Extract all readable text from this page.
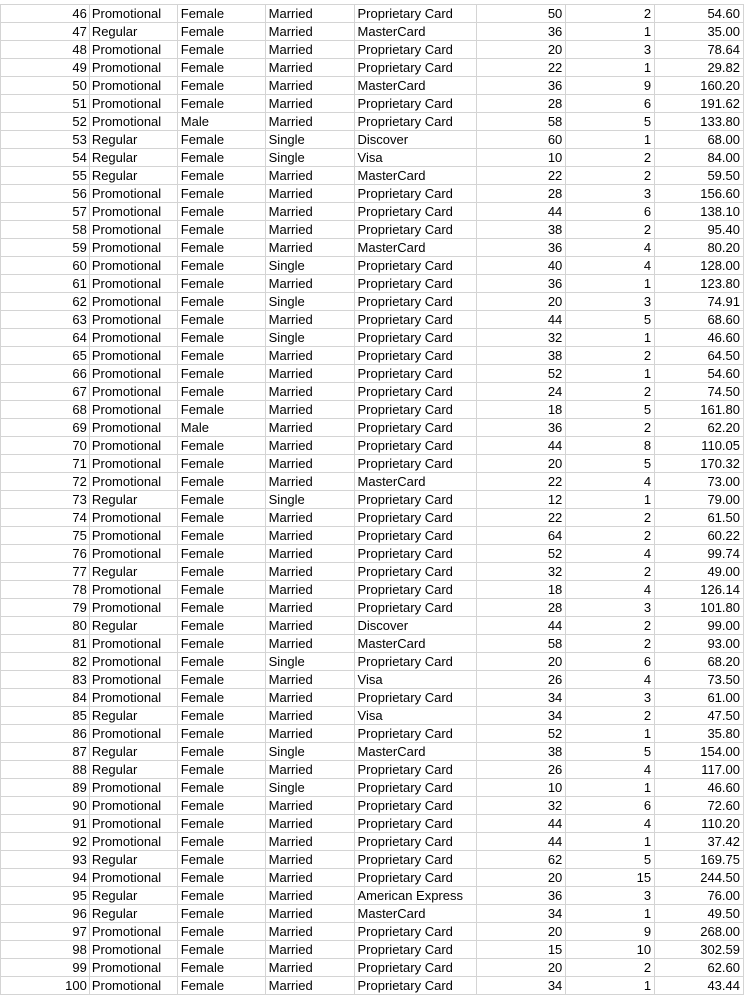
46	Promotional	Female	Married	Proprietary Card	50	2	54.60
47	Regular	Female	Married	MasterCard	36	1	35.00
48	Promotional	Female	Married	Proprietary Card	20	3	78.64
49	Promotional	Female	Married	Proprietary Card	22	1	29.82
50	Promotional	Female	Married	MasterCard	36	9	160.20
51	Promotional	Female	Married	Proprietary Card	28	6	191.62
52	Promotional	Male	Married	Proprietary Card	58	5	133.80
53	Regular	Female	Single	Discover	60	1	68.00
54	Regular	Female	Single	Visa	10	2	84.00
55	Regular	Female	Married	MasterCard	22	2	59.50
56	Promotional	Female	Married	Proprietary Card	28	3	156.60
57	Promotional	Female	Married	Proprietary Card	44	6	138.10
58	Promotional	Female	Married	Proprietary Card	38	2	95.40
59	Promotional	Female	Married	MasterCard	36	4	80.20
60	Promotional	Female	Single	Proprietary Card	40	4	128.00
61	Promotional	Female	Married	Proprietary Card	36	1	123.80
62	Promotional	Female	Single	Proprietary Card	20	3	74.91
63	Promotional	Female	Married	Proprietary Card	44	5	68.60
64	Promotional	Female	Single	Proprietary Card	32	1	46.60
65	Promotional	Female	Married	Proprietary Card	38	2	64.50
66	Promotional	Female	Married	Proprietary Card	52	1	54.60
67	Promotional	Female	Married	Proprietary Card	24	2	74.50
68	Promotional	Female	Married	Proprietary Card	18	5	161.80
69	Promotional	Male	Married	Proprietary Card	36	2	62.20
70	Promotional	Female	Married	Proprietary Card	44	8	110.05
71	Promotional	Female	Married	Proprietary Card	20	5	170.32
72	Promotional	Female	Married	MasterCard	22	4	73.00
73	Regular	Female	Single	Proprietary Card	12	1	79.00
74	Promotional	Female	Married	Proprietary Card	22	2	61.50
75	Promotional	Female	Married	Proprietary Card	64	2	60.22
76	Promotional	Female	Married	Proprietary Card	52	4	99.74
77	Regular	Female	Married	Proprietary Card	32	2	49.00
78	Promotional	Female	Married	Proprietary Card	18	4	126.14
79	Promotional	Female	Married	Proprietary Card	28	3	101.80
80	Regular	Female	Married	Discover	44	2	99.00
81	Promotional	Female	Married	MasterCard	58	2	93.00
82	Promotional	Female	Single	Proprietary Card	20	6	68.20
83	Promotional	Female	Married	Visa	26	4	73.50
84	Promotional	Female	Married	Proprietary Card	34	3	61.00
85	Regular	Female	Married	Visa	34	2	47.50
86	Promotional	Female	Married	Proprietary Card	52	1	35.80
87	Regular	Female	Single	MasterCard	38	5	154.00
88	Regular	Female	Married	Proprietary Card	26	4	117.00
89	Promotional	Female	Single	Proprietary Card	10	1	46.60
90	Promotional	Female	Married	Proprietary Card	32	6	72.60
91	Promotional	Female	Married	Proprietary Card	44	4	110.20
92	Promotional	Female	Married	Proprietary Card	44	1	37.42
93	Regular	Female	Married	Proprietary Card	62	5	169.75
94	Promotional	Female	Married	Proprietary Card	20	15	244.50
95	Regular	Female	Married	American Express	36	3	76.00
96	Regular	Female	Married	MasterCard	34	1	49.50
97	Promotional	Female	Married	Proprietary Card	20	9	268.00
98	Promotional	Female	Married	Proprietary Card	15	10	302.59
99	Promotional	Female	Married	Proprietary Card	20	2	62.60
100	Promotional	Female	Married	Proprietary Card	34	1	43.44
